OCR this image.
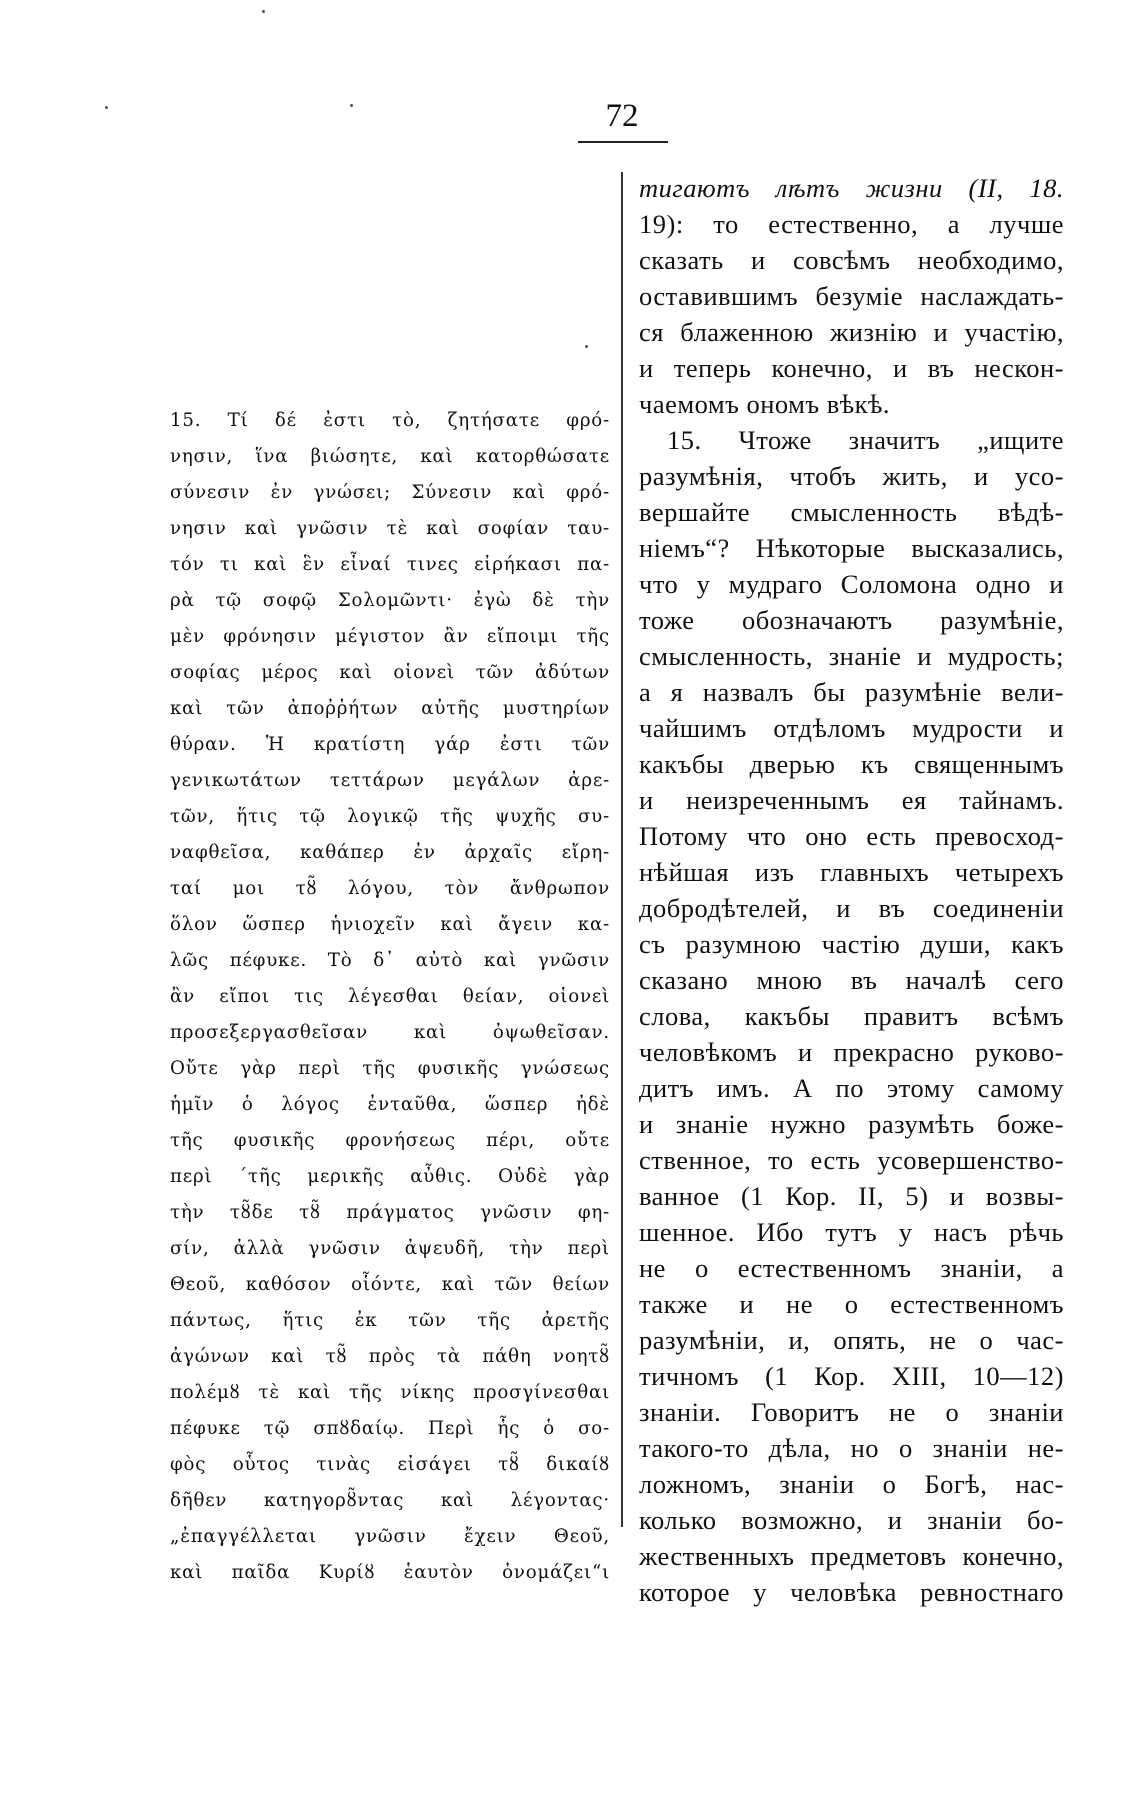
72
15. Τί δέ ἐστι τὸ, ζητήσατε φρό-
νησιν, ἵνα βιώσητε, καὶ κατορθώσατε
σύνεσιν ἐν γνώσει; Σύνεσιν καὶ φρό-
νησιν καὶ γνῶσιν τὲ καὶ σοφίαν ταυ-
τόν τι καὶ ἓν εἶναί τινες εἰρήκασι πα-
ρὰ τῷ σοφῷ Σολομῶντι· ἐγὼ δὲ τὴν
μὲν φρόνησιν μέγιστον ἂν εἴποιμι τῆς
σοφίας μέρος καὶ οἱονεὶ τῶν ἀδύτων
καὶ τῶν ἀποῤῥήτων αὐτῆς μυστηρίων
θύραν. Ἡ κρατίστη γάρ ἐστι τῶν
γενικωτάτων τεττάρων μεγάλων ἀρε-
τῶν, ἥτις τῷ λογικῷ τῆς ψυχῆς συ-
ναφθεῖσα, καθάπερ ἐν ἀρχαῖς εἴρη-
ταί μοι τȣ̃ λόγου, τὸν ἄνθρωπον
ὅλον ὥσπερ ἡνιοχεῖν καὶ ἄγειν κα-
λῶς πέφυκε. Τὸ δ᾽ αὐτὸ καὶ γνῶσιν
ἂν εἴποι τις λέγεσθαι θείαν, οἱονεὶ
προσεξεργασθεῖσαν καὶ ὀψωθεῖσαν.
Οὔτε γὰρ περὶ τῆς φυσικῆς γνώσεως
ἡμῖν ὁ λόγος ἐνταῦθα, ὥσπερ ἠδὲ
τῆς φυσικῆς φρονήσεως πέρι, οὔτε
περὶ ´τῆς μερικῆς αὖθις. Οὐδὲ γὰρ
τὴν τȣ̃δε τȣ̃ πράγματος γνῶσιν φη-
σίν, ἀλλὰ γνῶσιν ἀψευδῆ, τὴν περὶ
Θεοῦ, καθόσον οἷόντε, καὶ τῶν θείων
πάντως, ἥτις ἐκ τῶν τῆς ἀρετῆς
ἀγώνων καὶ τȣ̃ πρὸς τὰ πάθη νοητȣ̃
πολέμȣ τὲ καὶ τῆς νίκης προσγίνεσθαι
πέφυκε τῷ σπȣδαίῳ. Περὶ ἧς ὁ σο-
φὸς οὗτος τινὰς εἰσάγει τȣ̃ δικαίȣ
δῆθεν κατηγορȣ̃ντας καὶ λέγοντας·
„ἐπαγγέλλεται γνῶσιν ἔχειν Θεοῦ,
καὶ παῖδα Κυρίȣ ἑαυτὸν ὀνομάζει“ι
тигаютъ лѣтъ жизни (II, 18.
19): то естественно, а лучше
сказать и совсѣмъ необходимо,
оставившимъ безуміе наслаждать-
ся блаженною жизнію и участію,
и теперь конечно, и въ нескон-
чаемомъ ономъ вѣкѣ.
15. Чтоже значитъ „ищите
разумѣнія, чтобъ жить, и усо-
вершайте смысленность вѣдѣ-
ніемъ“? Нѣкоторые высказались,
что у мудраго Соломона одно и
тоже обозначаютъ разумѣніе,
смысленность, знаніе и мудрость;
а я назвалъ бы разумѣніе вели-
чайшимъ отдѣломъ мудрости и
какъбы дверью къ священнымъ
и неизреченнымъ ея тайнамъ.
Потому что оно есть превосход-
нѣйшая изъ главныхъ четырехъ
добродѣтелей, и въ соединеніи
съ разумною частію души, какъ
сказано мною въ началѣ сего
слова, какъбы правитъ всѣмъ
человѣкомъ и прекрасно руково-
дитъ имъ. А по этому самому
и знаніе нужно разумѣть боже-
ственное, то есть усовершенство-
ванное (1 Кор. II, 5) и возвы-
шенное. Ибо тутъ у насъ рѣчь
не о естественномъ знаніи, а
также и не о естественномъ
разумѣніи, и, опять, не о час-
тичномъ (1 Кор. XIII, 10—12)
знаніи. Говоритъ не о знаніи
такого-то дѣла, но о знаніи не-
ложномъ, знаніи о Богѣ, нас-
колько возможно, и знаніи бо-
жественныхъ предметовъ конечно,
которое у человѣка ревностнаго
